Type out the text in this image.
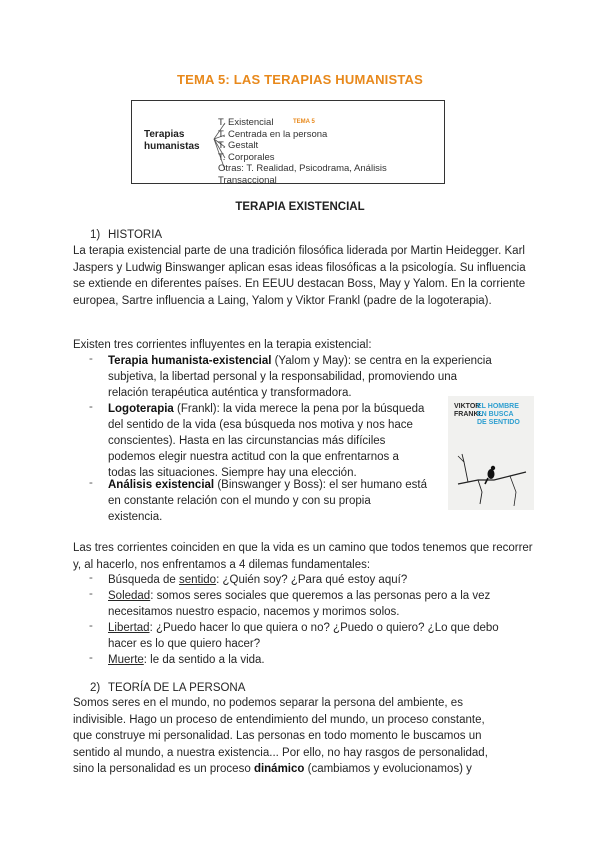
TEMA 5: LAS TERAPIAS HUMANISTAS
Terapias
humanistas
TEMA 5
T. Existencial
T. Centrada en la persona
T. Gestalt
T. Corporales
Otras: T. Realidad, Psicodrama, Análisis Transaccional
TERAPIA EXISTENCIAL
1) HISTORIA
La terapia existencial parte de una tradición filosófica liderada por Martin Heidegger. Karl Jaspers y Ludwig Binswanger aplican esas ideas filosóficas a la psicología. Su influencia se extiende en diferentes países. En EEUU destacan Boss, May y Yalom. En la corriente europea, Sartre influencia a Laing, Yalom y Viktor Frankl (padre de la logoterapia).
Existen tres corrientes influyentes en la terapia existencial:
- Terapia humanista-existencial (Yalom y May): se centra en la experiencia
subjetiva, la libertad personal y la responsabilidad, promoviendo una
relación terapéutica auténtica y transformadora.
- Logoterapia (Frankl): la vida merece la pena por la búsqueda
del sentido de la vida (esa búsqueda nos motiva y nos hace
conscientes). Hasta en las circunstancias más difíciles
podemos elegir nuestra actitud con la que enfrentarnos a
todas las situaciones. Siempre hay una elección.
- Análisis existencial (Binswanger y Boss): el ser humano está
en constante relación con el mundo y con su propia
existencia.
VIKTOR
FRANKL
EL HOMBRE
EN BUSCA
DE SENTIDO
Las tres corrientes coinciden en que la vida es un camino que todos tenemos que recorrer y, al hacerlo, nos enfrentamos a 4 dilemas fundamentales:
- Búsqueda de sentido: ¿Quién soy? ¿Para qué estoy aquí?
- Soledad: somos seres sociales que queremos a las personas pero a la vez
necesitamos nuestro espacio, nacemos y morimos solos.
- Libertad: ¿Puedo hacer lo que quiera o no? ¿Puedo o quiero? ¿Lo que debo
hacer es lo que quiero hacer?
- Muerte: le da sentido a la vida.
2) TEORÍA DE LA PERSONA
Somos seres en el mundo, no podemos separar la persona del ambiente, es
indivisible. Hago un proceso de entendimiento del mundo, un proceso constante,
que construye mi personalidad. Las personas en todo momento le buscamos un
sentido al mundo, a nuestra existencia... Por ello, no hay rasgos de personalidad,
sino la personalidad es un proceso dinámico (cambiamos y evolucionamos) y
